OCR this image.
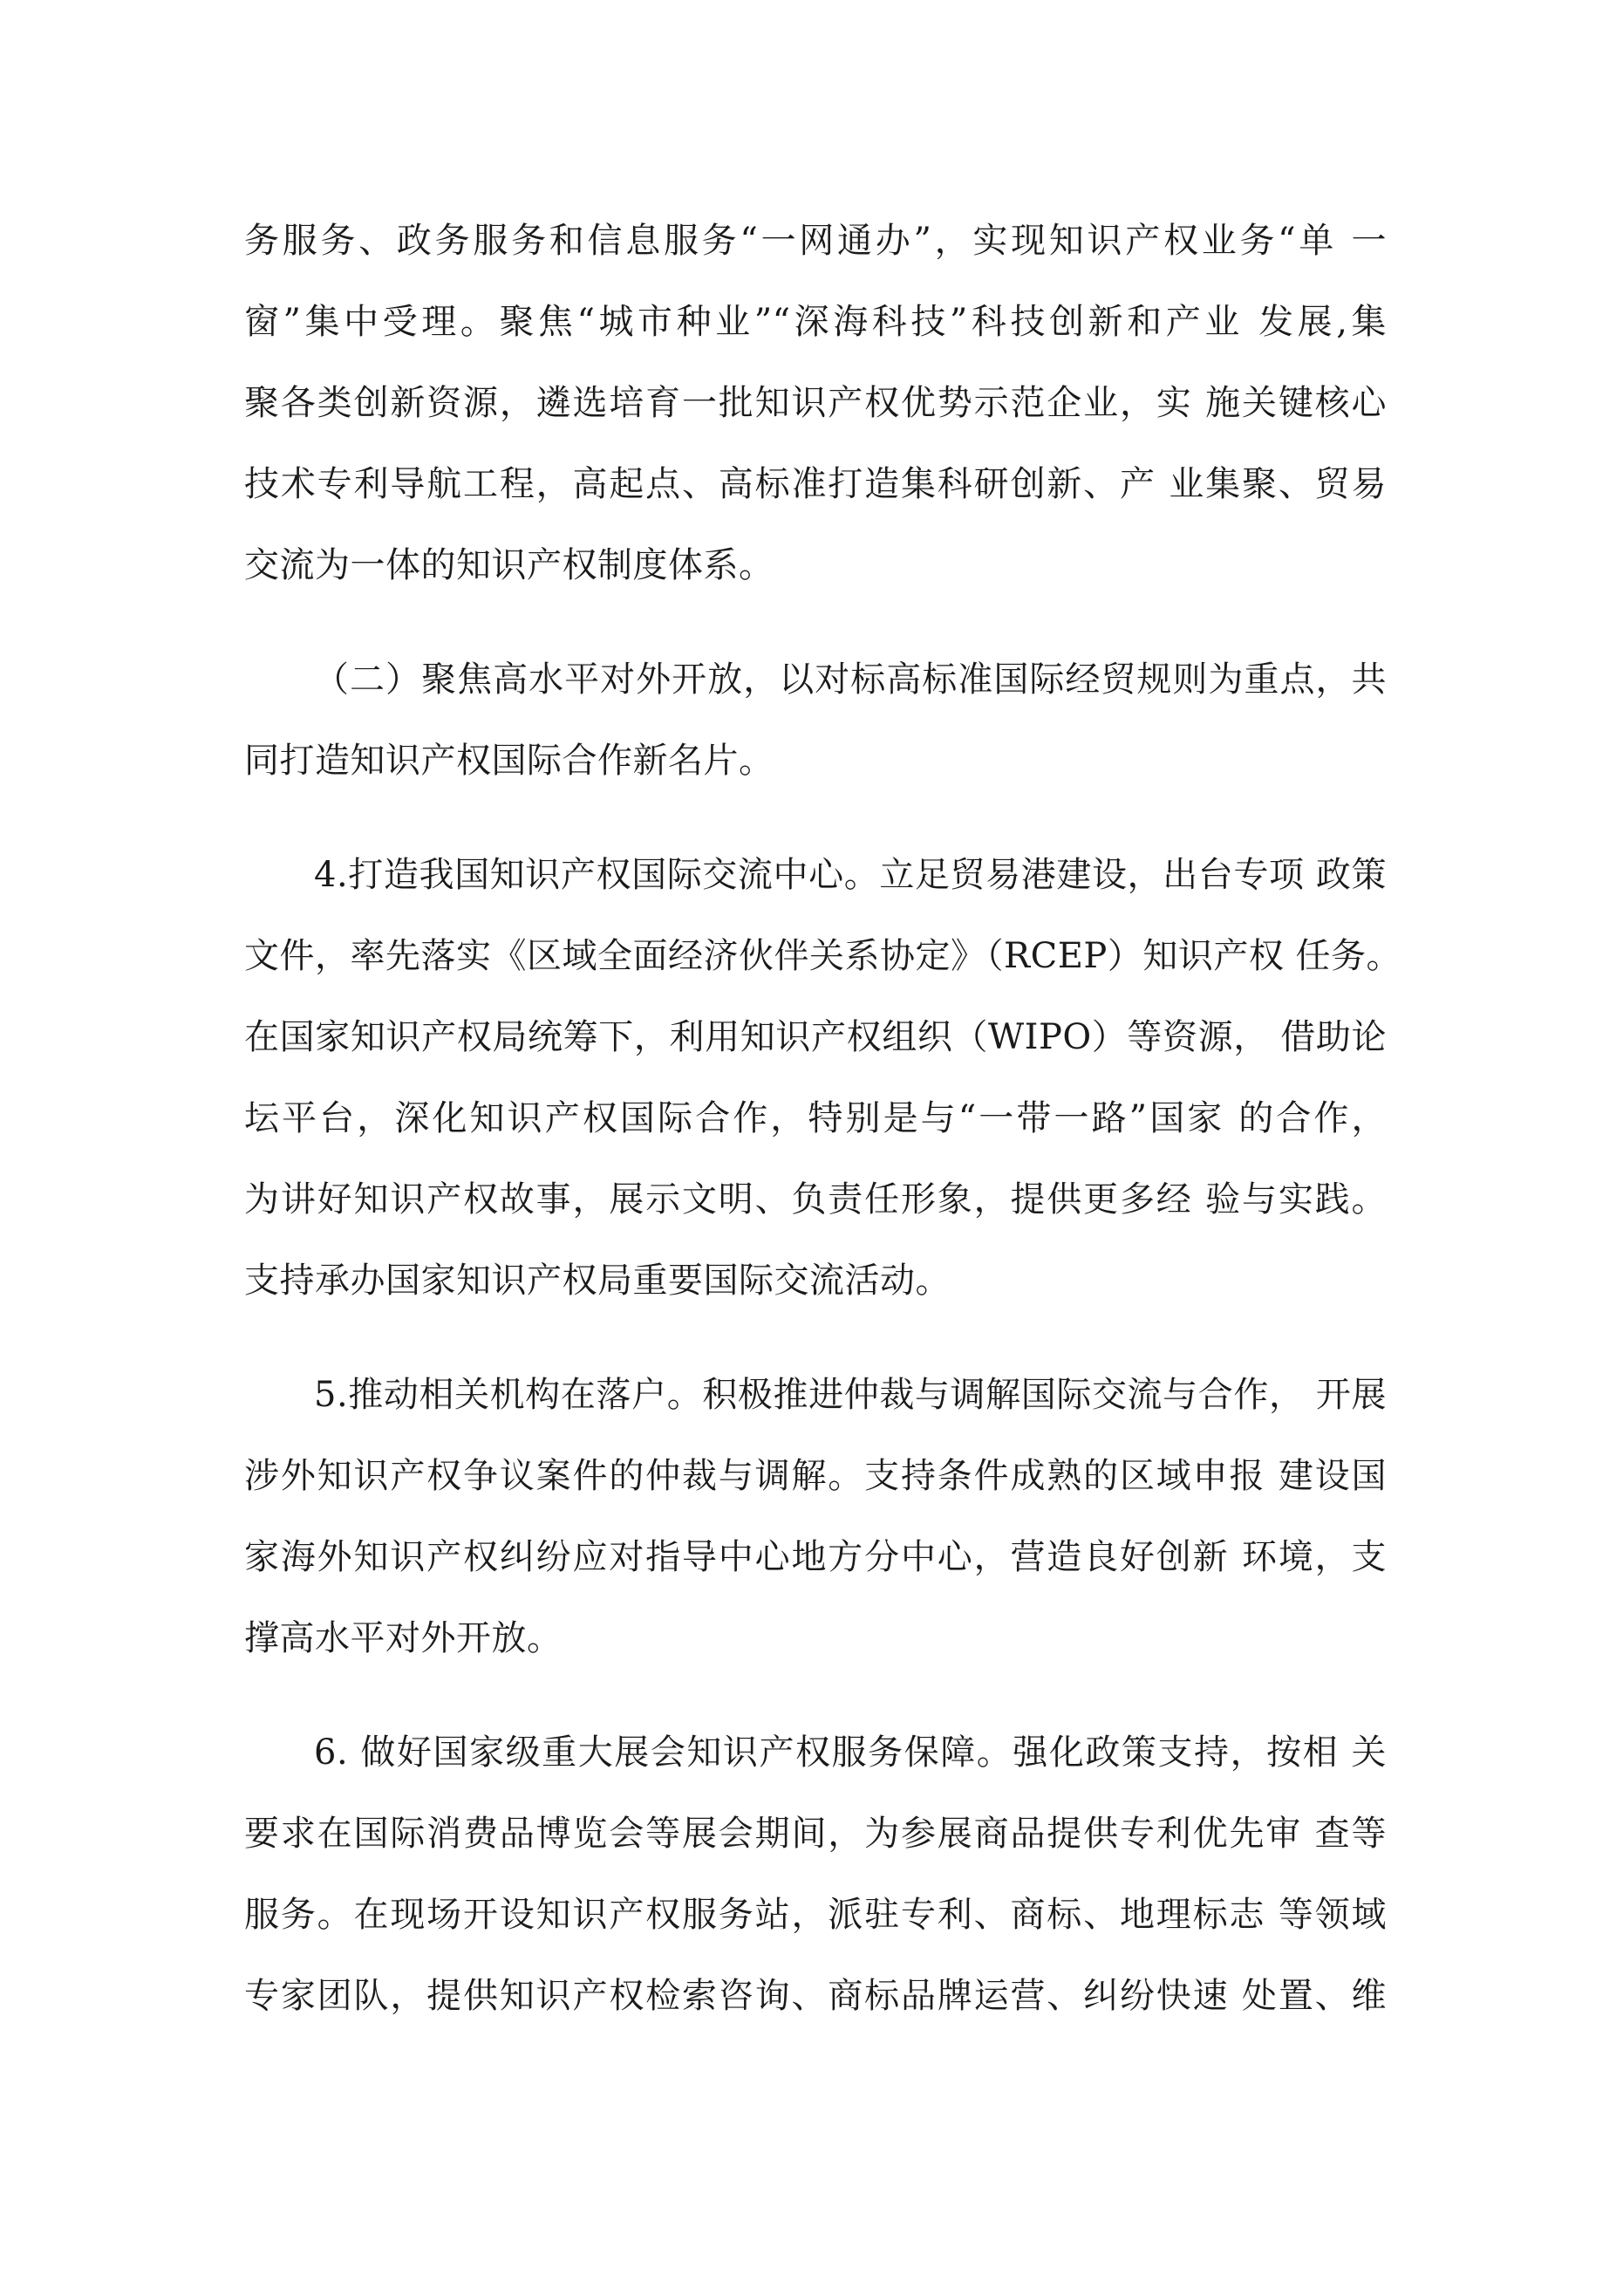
务服务、政务服务和信息服务“一网通办”，实现知识产权业务“单 一
窗”集中受理。聚焦“城市种业”“深海科技”科技创新和产业 发展,集
聚各类创新资源，遴选培育一批知识产权优势示范企业，实 施关键核心
技术专利导航工程，高起点、高标准打造集科研创新、产 业集聚、贸易
交流为一体的知识产权制度体系。
（二）聚焦高水平对外开放，以对标高标准国际经贸规则为重点，共
同打造知识产权国际合作新名片。
4.打造我国知识产权国际交流中心。立足贸易港建设，出台专项 政策
文件，率先落实《区域全面经济伙伴关系协定》（RCEP）知识产权 任务。
在国家知识产权局统筹下，利用知识产权组织（WIPO）等资源， 借助论
坛平台，深化知识产权国际合作，特别是与“一带一路”国家 的合作，
为讲好知识产权故事，展示文明、负责任形象，提供更多经 验与实践。
支持承办国家知识产权局重要国际交流活动。
5.推动相关机构在落户。积极推进仲裁与调解国际交流与合作， 开展
涉外知识产权争议案件的仲裁与调解。支持条件成熟的区域申报 建设国
家海外知识产权纠纷应对指导中心地方分中心，营造良好创新 环境，支
撑高水平对外开放。
6. 做好国家级重大展会知识产权服务保障。强化政策支持，按相 关
要求在国际消费品博览会等展会期间，为参展商品提供专利优先审 查等
服务。在现场开设知识产权服务站，派驻专利、商标、地理标志 等领域
专家团队，提供知识产权检索咨询、商标品牌运营、纠纷快速 处置、维
